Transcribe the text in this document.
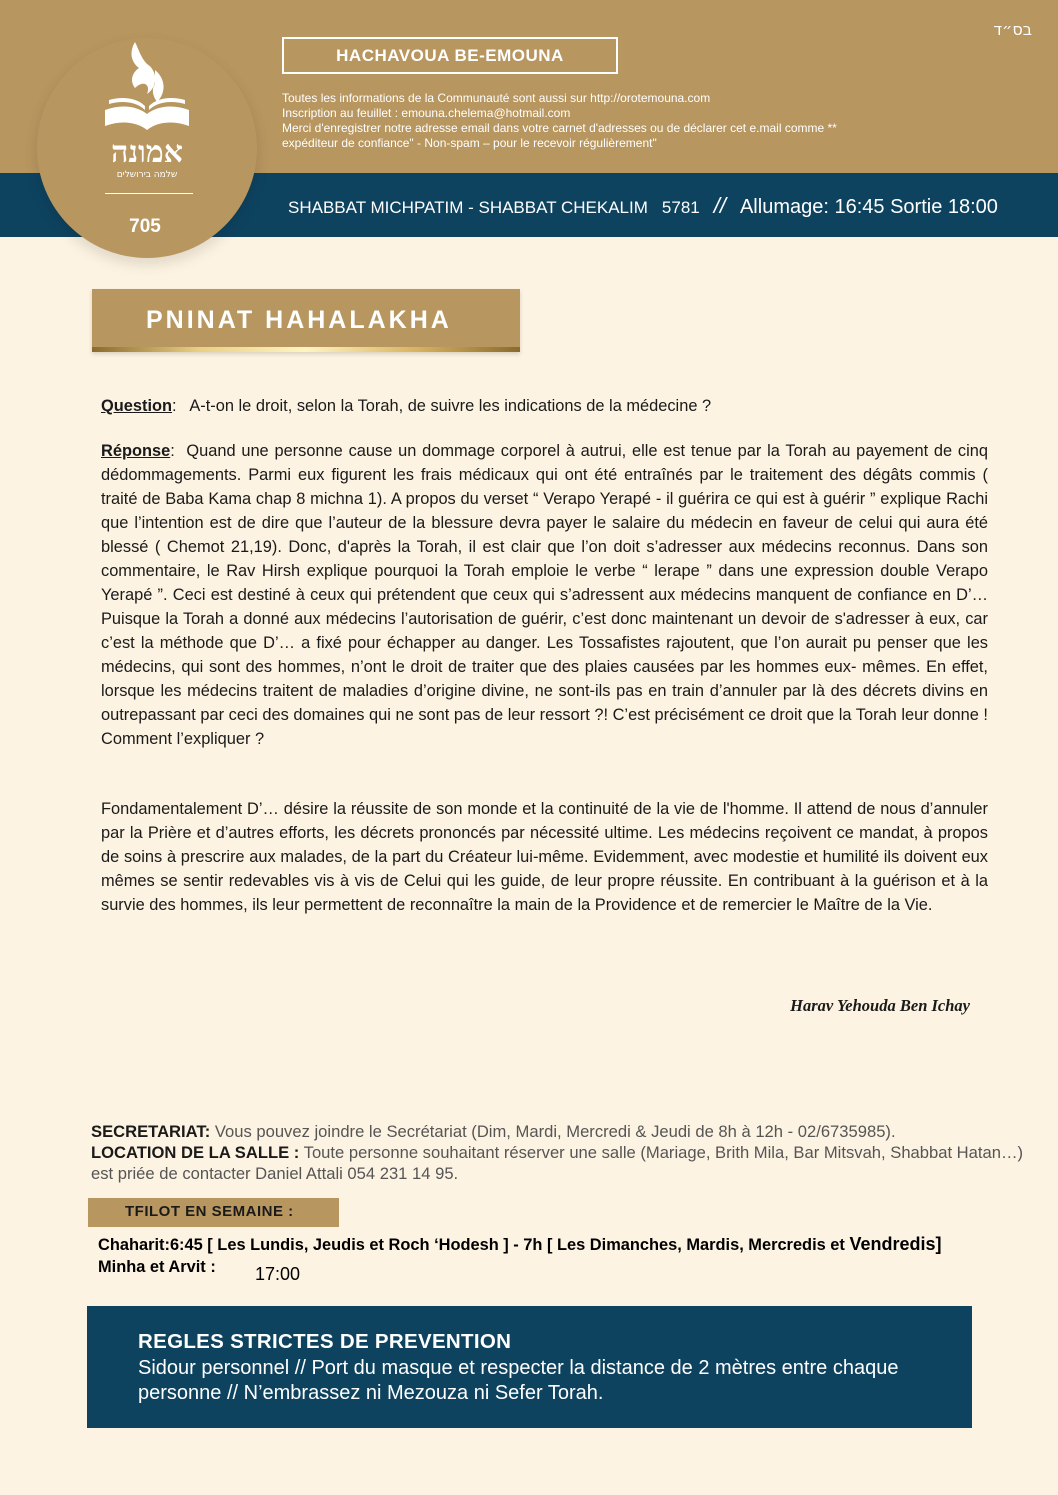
בס״ד
HACHAVOUA BE-EMOUNA
Toutes les informations de la Communauté sont aussi sur http://orotemouna.com
Inscription au feuillet : emouna.chelema@hotmail.com
Merci d'enregistrer notre adresse email dans votre carnet d'adresses ou de déclarer cet e.mail comme **
expéditeur de confiance" - Non-spam – pour le recevoir régulièrement"
אמונה
שלמה בירושלים
705
SHABBAT MICHPATIM - SHABBAT CHEKALIM 5781 // Allumage: 16:45 Sortie 18:00
PNINAT HAHALAKHA
Question:   A-t-on le droit, selon la Torah, de suivre les indications de la médecine ?
Réponse:  Quand une personne cause un dommage corporel à autrui, elle est tenue par la Torah au payement de cinq dédommagements. Parmi eux figurent les frais médicaux qui ont été entraînés par le traitement des dégâts commis ( traité de Baba Kama chap 8 michna 1). A propos du verset “ Verapo Yerapé - il guérira ce qui est à guérir ” explique Rachi que l’intention est de dire que l’auteur de la blessure devra payer le salaire du médecin en faveur de celui qui aura été blessé ( Chemot 21,19). Donc, d'après la Torah, il est clair que l’on doit s’adresser aux médecins reconnus. Dans son commentaire, le Rav Hirsh explique pourquoi la Torah emploie le verbe “ lerape ” dans une expression double Verapo Yerapé ”. Ceci est destiné à ceux qui prétendent que ceux qui s’adressent aux médecins manquent de confiance en D’… Puisque la Torah a donné aux médecins l’autorisation de guérir, c’est donc maintenant un devoir de s'adresser à eux, car c’est la méthode que D’… a fixé pour échapper au danger. Les Tossafistes rajoutent, que l’on aurait pu penser que les médecins, qui sont des hommes, n’ont le droit de traiter que des plaies causées par les hommes eux- mêmes. En effet, lorsque les médecins traitent de maladies d’origine divine, ne sont-ils pas en train d’annuler par là des décrets divins en outrepassant par ceci des domaines qui ne sont pas de leur ressort ?! C’est précisément ce droit que la Torah leur donne ! Comment l’expliquer ?
Fondamentalement D’… désire la réussite de son monde et la continuité de la vie de l'homme. Il attend de nous d’annuler par la Prière et d’autres efforts, les décrets prononcés par nécessité ultime. Les médecins reçoivent ce mandat, à propos de soins à prescrire aux malades, de la part du Créateur lui-même. Evidemment, avec modestie et humilité ils doivent eux mêmes se sentir redevables vis à vis de Celui qui les guide, de leur propre réussite. En contribuant à la guérison et à la survie des hommes, ils leur permettent de reconnaître la main de la Providence et de remercier le Maître de la Vie.
Harav Yehouda Ben Ichay
SECRETARIAT: Vous pouvez joindre le Secrétariat (Dim, Mardi, Mercredi & Jeudi de 8h à 12h - 02/6735985).
LOCATION DE LA SALLE : Toute personne souhaitant réserver une salle (Mariage, Brith Mila, Bar Mitsvah, Shabbat Hatan…) est priée de contacter Daniel Attali 054 231 14 95.
TFILOT EN SEMAINE :
Chaharit:6:45 [ Les Lundis, Jeudis et Roch ‘Hodesh ] - 7h [ Les Dimanches, Mardis, Mercredis et Vendredis]
Minha et Arvit : 17:00
REGLES STRICTES DE PREVENTION
Sidour personnel // Port du masque et respecter la distance de 2 mètres entre chaque personne // N’embrassez ni Mezouza ni Sefer Torah.
